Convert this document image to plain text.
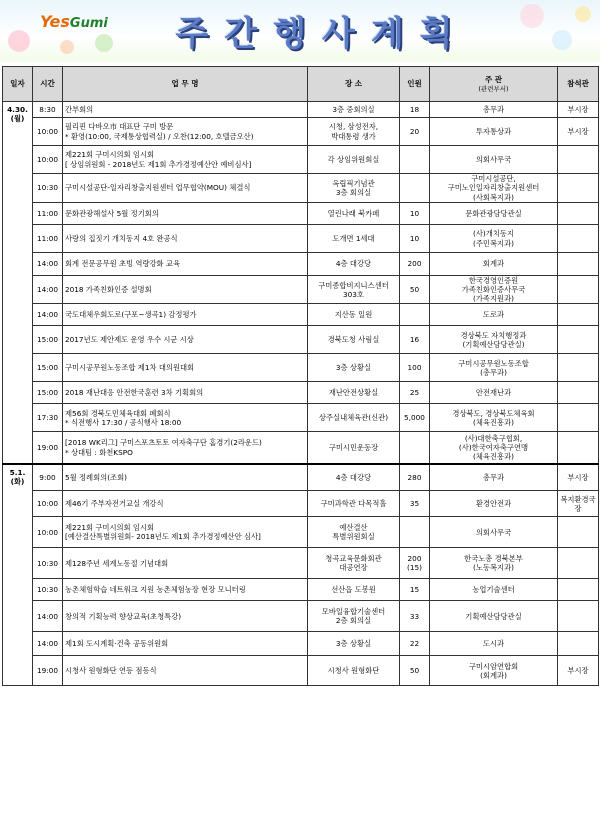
YesGumi	주간행사계획
일자	시간	업 무 명	장 소	인원	주 관
(관련부서)	참석관
4.30.
(월)	8:30	간부회의	3층 중회의실	18	총무과	부시장
	10:00	필리핀 다바오市 대표단 구미 방문
* 환영(10:00, 국제통상협력실) / 오찬(12:00, 호텔금오산)	시청, 삼성전자,
박대통령 생가	20	투자통상과	부시장
	10:00	제221회 구미시의회 임시회
[ 상임위원회 - 2018년도 제1회 추가경정예산안 예비심사]	각 상임위원회실		의회사무국	
	10:30	구미시설공단-일자리창출지원센터 업무협약(MOU) 체결식	옥립픽기념관
3층 회의실		구미시설공단,
구미노인일자리창출지원센터
(사회복지과)	
	11:00	문화관광해설사 5월 정기회의	열린나래 북카페	10	문화관광담당관실	
	11:00	사랑의 집짓기 개치동지 4호 완공식	도개면 1세대	10	(사)개치동지
(주민복지과)	
	14:00	회계 전문공무원 초빙 역량강화 교육	4층 대강당	200	회계과	
	14:00	2018 가족친화인증 설명회	구미종합비지니스센터
303호	50	한국경영인증원
가족친화인증사무국
(가족지원과)	
	14:00	국도대체우회도로(구포~생곡1) 감정평가	지산동 일원		도로과	
	15:00	2017년도 제안제도 운영 우수 시군 시상	경북도청 사림실	16	경상북도 자치행정과
(기획예산담당관실)	
	15:00	구미시공무원노동조합 제1차 대의원대회	3층 상황실	100	구미시공무원노동조합
(총무과)	
	15:00	2018 재난대응 안전한국훈련 3차 기획회의	재난안전상황실	25	안전재난과	
	17:30	제56회 경북도민체육대회 폐회식
* 식전행사 17:30 / 공식행사 18:00	상주실내체육관(신관)	5,000	경상북도, 경상북도체육회
(체육진흥과)	
	19:00	[2018 WK리그] 구미스포츠토토 여자축구단 홈경기(2라운드)
* 상대팀 : 화천KSPO	구미시민운동장		(사)대한축구협회,
(사)한국여자축구연맹
(체육진흥과)	
5.1.
(화)	9:00	5월 정례회의(조회)	4층 대강당	280	총무과	부시장
	10:00	제46기 주부자전거교실 개강식	구미과학관 다목적홀	35	환경안전과	복지환경국장
	10:00	제221회 구미시의회 임시회
[예산결산특별위원회- 2018년도 제1회 추가경정예산안 심사]	예산결산
특별위원회실		의회사무국	
	10:30	제128주년 세계노동절 기념대회	청곡교육문화회관
대공연장	200
(15)	한국노총 경북본부
(노동복지과)	
	10:30	농촌체험학습 네트워크 지원 농촌체험농장 현장 모니터링	선산읍 도봉원	15	농업기술센터	
	14:00	창의적 기획능력 향상교육(초청특강)	모바일융합기술센터
2층 회의실	33	기획예산담당관실	
	14:00	제1회 도시계획·건축 공동위원회	3층 상황실	22	도시과	
	19:00	시청사 원형화단 연등 점등식	시청사 원형화단	50	구미시암연합회
(회계과)	부시장
